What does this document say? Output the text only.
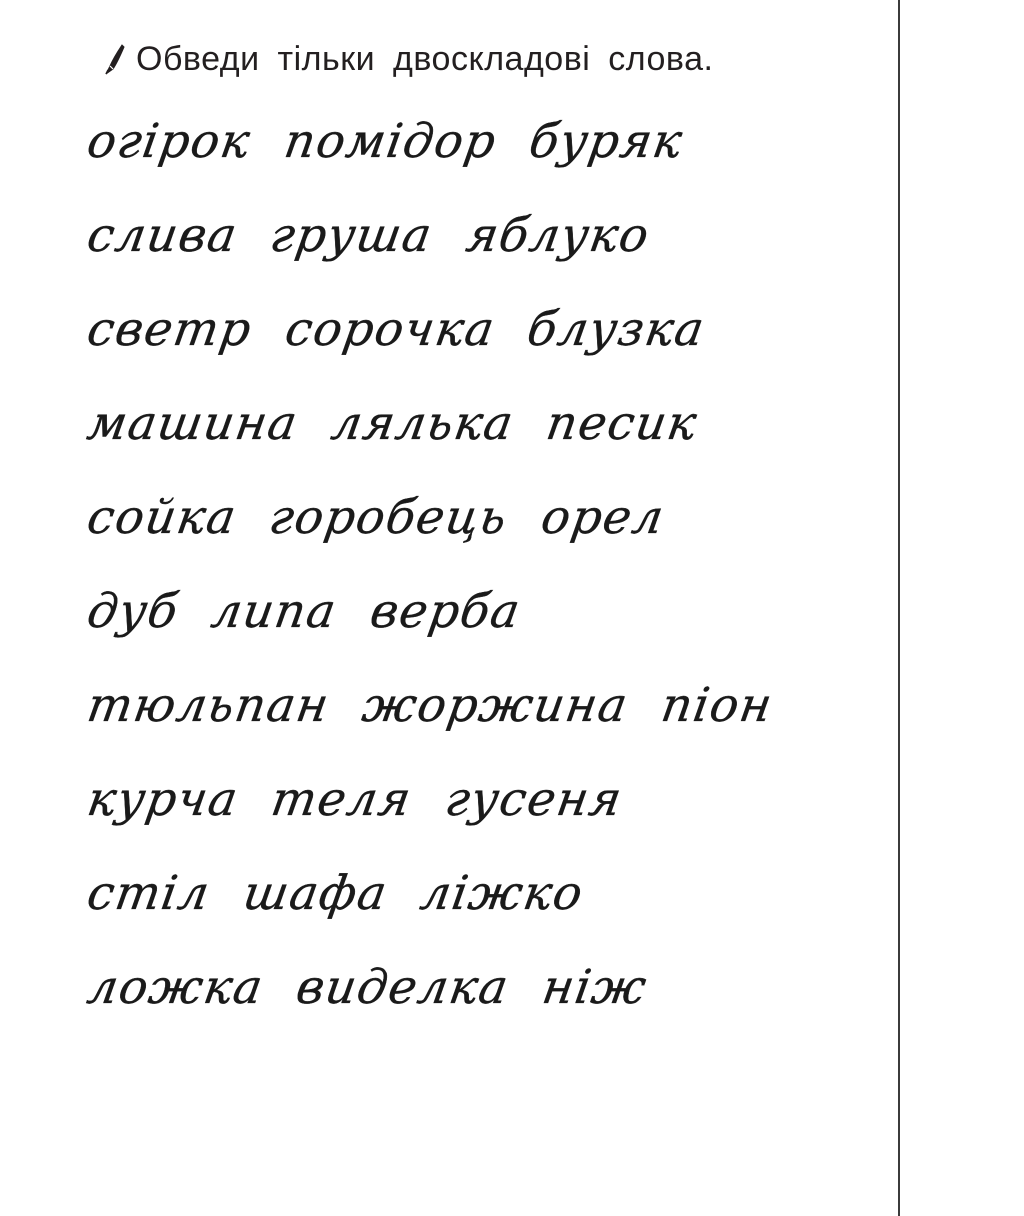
Обведи тільки двоскладові слова.
огірок помідор буряк
слива груша яблуко
светр сорочка блузка
машина лялька песик
сойка горобець орел
дуб липа верба
тюльпан жоржина піон
курча теля гусеня
стіл шафа ліжко
ложка виделка ніж
